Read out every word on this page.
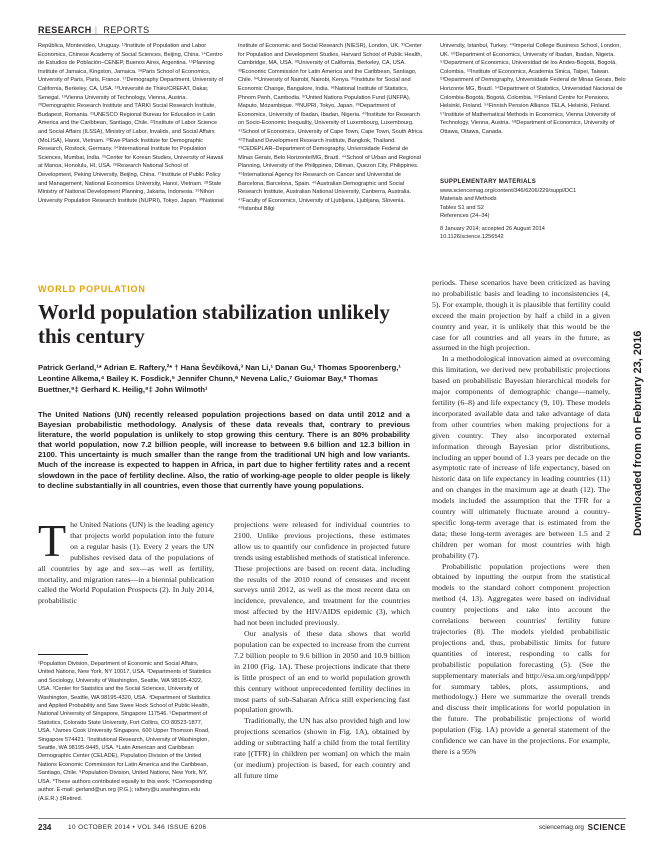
RESEARCH | REPORTS
Repûblica, Montevideo, Uruguay. ¹³Institute of Population and Labor Economics, Chinese Academy of Social Sciences, Beijing, China. ¹⁴Centro de Estudios de Población–CENEP, Buenos Aires, Argentina. ¹⁵Planning Institute of Jamaica, Kingston, Jamaica. ¹⁶Paris School of Economics, University of Paris, Paris, France. ¹⁷Demography Department, University of California, Berkeley, CA, USA. ¹⁸Université de Thiès/CREFAT, Dakar, Senegal. ¹⁹Vienna University of Technology, Vienna, Austria. ²⁰Demographic Research Institute and TÁRKI Social Research Institute, Budapest, Romania. ²¹UNESCO Regional Bureau for Education in Latin America and the Caribbean, Santiago, Chile. ²²Institute of Labor Science and Social Affairs (ILSSA), Ministry of Labor, Invalids, and Social Affairs (MoLISA), Hanoi, Vietnam. ²³Ewe Planck Institute for Demographic Research, Rostock, Germany. ²⁴International Institute for Population Sciences, Mumbai, India. ²⁵Center for Korean Studies, University of Hawaii at Manoa, Honolulu, HI, USA. ²⁶Research National School of Development, Peking University, Beijing, China. ²⁷Institute of Public Policy and Management, National Economics University, Hanoi, Vietnam. ²⁸State Ministry of National Development Planning, Jakarta, Indonesia. ²⁹Nihon University Population Research Institute (NUPRI), Tokyo, Japan. ³⁰National
Institute of Economic and Social Research (NIESR), London, UK. ³¹Center for Population and Development Studies, Harvard School of Public Health, Cambridge, MA, USA. ³²University of California, Berkeley, CA, USA. ³³Economic Commission for Latin America and the Caribbean, Santiago, Chile. ³⁴University of Nairobi, Nairobi, Kenya. ³⁵Institute for Social and Economic Change, Bangalore, India. ³⁶National Institute of Statistics, Phnom Penh, Cambodia. ³⁷United Nations Population Fund (UNFPA), Maputo, Mozambique. ³⁸NUPRI, Tokyo, Japan. ³⁹Department of Economics, University of Ibadan, Ibadan, Nigeria. ⁴⁰Institute for Research on Socio-Economic Inequality, University of Luxembourg, Luxembourg. ⁴¹School of Economics, University of Cape Town, Cape Town, South Africa. ⁴²Thailand Development Research Institute, Bangkok, Thailand. ⁴³CEDEPLAR–Department of Demography, Universidade Federal de Minas Gerais, Belo Horizonte/MG, Brazil. ⁴⁴School of Urban and Regional Planning, University of the Philippines, Diliman, Quezon City, Philippines. ⁴⁵International Agency for Research on Cancer and Universitat de Barcelona, Barcelona, Spain. ⁴⁶Australian Demographic and Social Research Institute, Australian National University, Canberra, Australia. ⁴⁷Faculty of Economics, University of Ljubljana, Ljubljana, Slovenia. ⁴⁸Istanbul Bilgi
University, Istanbul, Turkey. ⁴⁹Imperial College Business School, London, UK. ⁵⁰Department of Economics, University of Ibadan, Ibadan, Nigeria. ⁵¹Department of Economics, Universidad de los Andes-Bogotá, Bogotá, Colombia. ⁵²Institute of Economics, Academia Sinica, Taipei, Taiwan. ⁵³Department of Demography, Universidade Federal de Minas Gerais, Belo Horizonte MG, Brazil. ⁵⁴Department of Statistics, Universidad Nacional de Colombia-Bogotá, Bogotá, Colombia. ⁵⁵Finland Centre for Pensions, Helsinki, Finland. ⁵⁶Finnish Pension Alliance TELA, Helsinki, Finland. ⁵⁷Institute of Mathematical Methods in Economics, Vienna University of Technology, Vienna, Austria. ⁵⁸Department of Economics, University of Ottawa, Ottawa, Canada.
SUPPLEMENTARY MATERIALS
www.sciencemag.org/content/346/6206/229/suppl/DC1
Materials and Methods
Tables S1 and S2
References (24–34)
8 January 2014; accepted 26 August 2014
10.1126/science.1256542
WORLD POPULATION
World population stabilization unlikely this century
Patrick Gerland,¹* Adrian E. Raftery,²* † Hana Ševčíková,³ Nan Li,¹ Danan Gu,¹ Thomas Spoorenberg,¹ Leontine Alkema,⁴ Bailey K. Fosdick,⁵ Jennifer Chunn,⁶ Nevena Lalic,⁷ Guiomar Bay,⁸ Thomas Buettner,⁹‡ Gerhard K. Heilig,⁹‡ John Wilmoth¹
The United Nations (UN) recently released population projections based on data until 2012 and a Bayesian probabilistic methodology. Analysis of these data reveals that, contrary to previous literature, the world population is unlikely to stop growing this century. There is an 80% probability that world population, now 7.2 billion people, will increase to between 9.6 billion and 12.3 billion in 2100. This uncertainty is much smaller than the range from the traditional UN high and low variants. Much of the increase is expected to happen in Africa, in part due to higher fertility rates and a recent slowdown in the pace of fertility decline. Also, the ratio of working-age people to older people is likely to decline substantially in all countries, even those that currently have young populations.

The United Nations (UN) is the leading agency that projects world population into the future on a regular basis (1). Every 2 years the UN publishes revised data of the populations of all countries by age and sex—as well as fertility, mortality, and migration rates—in a biennial publication called the World Population Prospects (2). In July 2014, probabilistic

¹Population Division, Department of Economic and Social Affairs, United Nations, New York, NY 10017, USA. ²Departments of Statistics and Sociology, University of Washington, Seattle, WA 98195-4322, USA. ³Center for Statistics and the Social Sciences, University of Washington, Seattle, WA 98195-4320, USA. ⁴Department of Statistics and Applied Probability and Saw Swee Hock School of Public Health, National University of Singapore, Singapore 117546. ⁵Department of Statistics, Colorado State University, Fort Collins, CO 80523-1877, USA. ⁶James Cook University Singapore, 600 Upper Thomson Road, Singapore 574421. ⁷Institutional Research, University of Washington, Seattle, WA 98195-9445, USA. ⁸Latin American and Caribbean Demographic Center (CELADE), Population Division of the United Nations Economic Commission for Latin America and the Caribbean, Santiago, Chile. ⁹Population Division, United Nations, New York, NY, USA. *These authors contributed equally to this work. †Corresponding author. E-mail: gerland@un.org (P.G.); raftery@u.washington.edu (A.E.R.) ‡Retired.

projections were released for individual countries to 2100. Unlike previous projections, these estimates allow us to quantify our confidence in projected future trends using established methods of statistical inference. These projections are based on recent data, including the results of the 2010 round of censuses and recent surveys until 2012, as well as the most recent data on incidence, prevalence, and treatment for the countries most affected by the HIV/AIDS epidemic (3), which had not been included previously.

Our analysis of these data shows that world population can be expected to increase from the current 7.2 billion people to 9.6 billion in 2050 and 10.9 billion in 2100 (Fig. 1A). These projections indicate that there is little prospect of an end to world population growth this century without unprecedented fertility declines in most parts of sub-Saharan Africa still experiencing fast population growth.

Traditionally, the UN has also provided high and low projections scenarios (shown in Fig. 1A), obtained by adding or subtracting half a child from the total fertility rate [(TFR) in children per woman] on which the main (or medium) projection is based, for each country and all future time

periods. These scenarios have been criticized as having no probabilistic basis and leading to inconsistencies (4, 5). For example, though it is plausible that fertility could exceed the main projection by half a child in a given country and year, it is unlikely that this would be the case for all countries and all years in the future, as assumed in the high projection.

In a methodological innovation aimed at overcoming this limitation, we derived new probabilistic projections based on probabilistic Bayesian hierarchical models for major components of demographic change—namely, fertility (6–8) and life expectancy (9, 10). These models incorporated available data and take advantage of data from other countries when making projections for a given country. They also incorporated external information through Bayesian prior distributions, including an upper bound of 1.3 years per decade on the asymptotic rate of increase of life expectancy, based on historic data on life expectancy in leading countries (11) and on changes in the maximum age at death (12). The models included the assumption that the TFR for a country will ultimately fluctuate around a country-specific long-term average that is estimated from the data; these long-term averages are between 1.5 and 2 children per woman for most countries with high probability (7).

Probabilistic population projections were then obtained by inputting the output from the statistical models to the standard cohort component projection method (4, 13). Aggregates were based on individual country projections and take into account the correlations between countries' fertility future trajectories (8). The models yielded probabilistic projections and, thus, probabilistic limits for future quantities of interest, responding to calls for probabilistic population forecasting (5). (See the supplementary materials and http://esa.un.org/unpd/ppp/ for summary tables, plots, assumptions, and methodology.) Here we summarize the overall trends and discuss their implications for world population in the future. The probabilistic projections of world population (Fig. 1A) provide a general statement of the confidence we can have in the projections. For example, there is a 95%

Downloaded from on February 23, 2016
234	10 OCTOBER 2014 • VOL 346 ISSUE 6206	sciencemag.org SCIENCE
